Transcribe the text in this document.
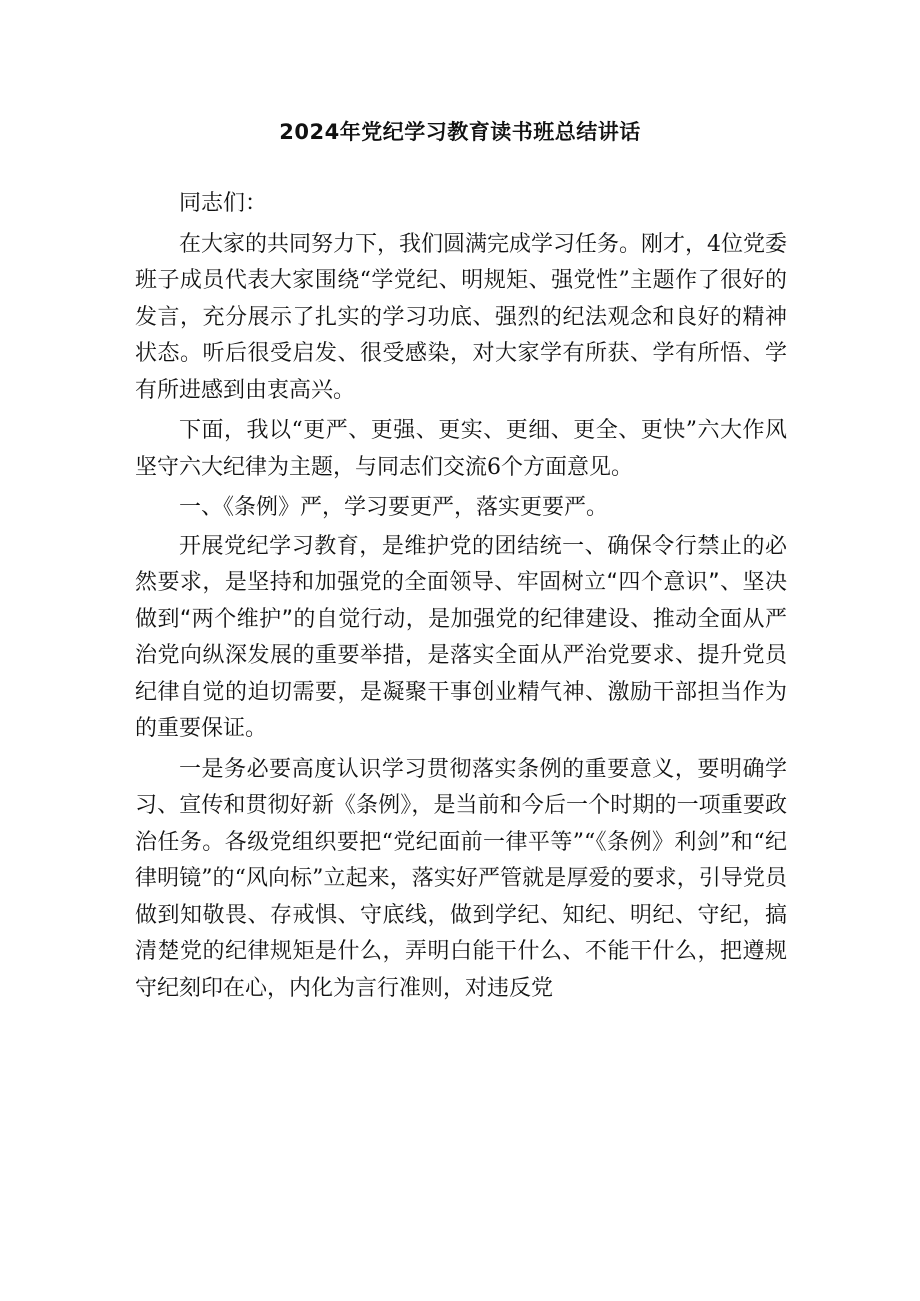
2024年党纪学习教育读书班总结讲话

同志们：

在大家的共同努力下，我们圆满完成学习任务。刚才，4位党委班子成员代表大家围绕“学党纪、明规矩、强党性”主题作了很好的发言，充分展示了扎实的学习功底、强烈的纪法观念和良好的精神状态。听后很受启发、很受感染，对大家学有所获、学有所悟、学有所进感到由衷高兴。

下面，我以“更严、更强、更实、更细、更全、更快”六大作风坚守六大纪律为主题，与同志们交流6个方面意见。

一、《条例》严，学习要更严，落实更要严。

开展党纪学习教育，是维护党的团结统一、确保令行禁止的必然要求，是坚持和加强党的全面领导、牢固树立“四个意识”、坚决做到“两个维护”的自觉行动，是加强党的纪律建设、推动全面从严治党向纵深发展的重要举措，是落实全面从严治党要求、提升党员纪律自觉的迫切需要，是凝聚干事创业精气神、激励干部担当作为的重要保证。

一是务必要高度认识学习贯彻落实条例的重要意义，要明确学习、宣传和贯彻好新《条例》，是当前和今后一个时期的一项重要政治任务。各级党组织要把“党纪面前一律平等”“《条例》利剑”和“纪律明镜”的“风向标”立起来，落实好严管就是厚爱的要求，引导党员做到知敬畏、存戒惧、守底线，做到学纪、知纪、明纪、守纪，搞清楚党的纪律规矩是什么，弄明白能干什么、不能干什么，把遵规守纪刻印在心，内化为言行准则，对违反党
